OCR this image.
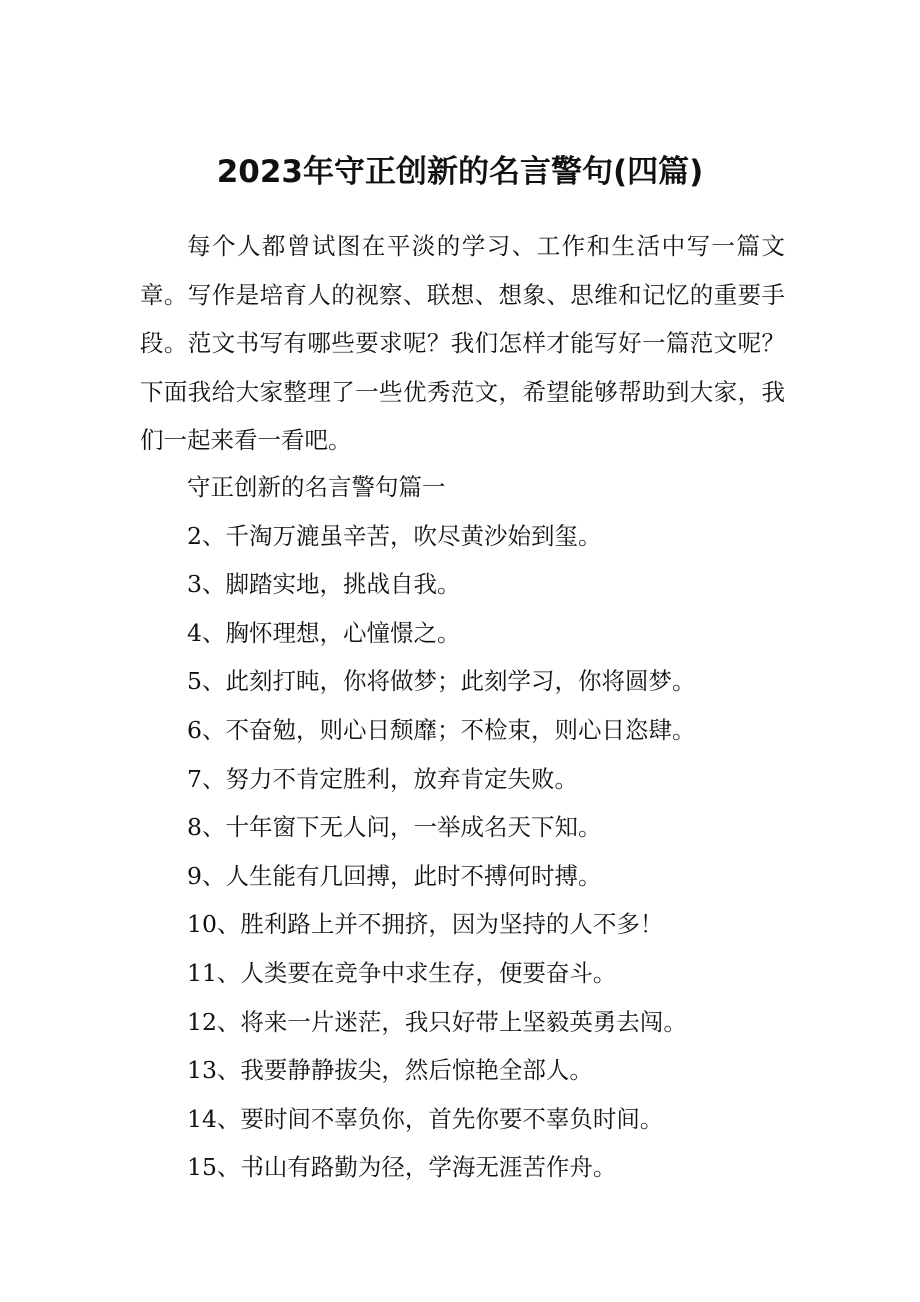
2023年守正创新的名言警句(四篇)

每个人都曾试图在平淡的学习、工作和生活中写一篇文章。写作是培育人的视察、联想、想象、思维和记忆的重要手段。范文书写有哪些要求呢？我们怎样才能写好一篇范文呢？下面我给大家整理了一些优秀范文，希望能够帮助到大家，我们一起来看一看吧。

守正创新的名言警句篇一
2、千淘万漉虽辛苦，吹尽黄沙始到玺。
3、脚踏实地，挑战自我。
4、胸怀理想，心憧憬之。
5、此刻打盹，你将做梦；此刻学习，你将圆梦。
6、不奋勉，则心日颓靡；不检束，则心日恣肆。
7、努力不肯定胜利，放弃肯定失败。
8、十年窗下无人问，一举成名天下知。
9、人生能有几回搏，此时不搏何时搏。
10、胜利路上并不拥挤，因为坚持的人不多！
11、人类要在竞争中求生存，便要奋斗。
12、将来一片迷茫，我只好带上坚毅英勇去闯。
13、我要静静拔尖，然后惊艳全部人。
14、要时间不辜负你，首先你要不辜负时间。
15、书山有路勤为径，学海无涯苦作舟。
